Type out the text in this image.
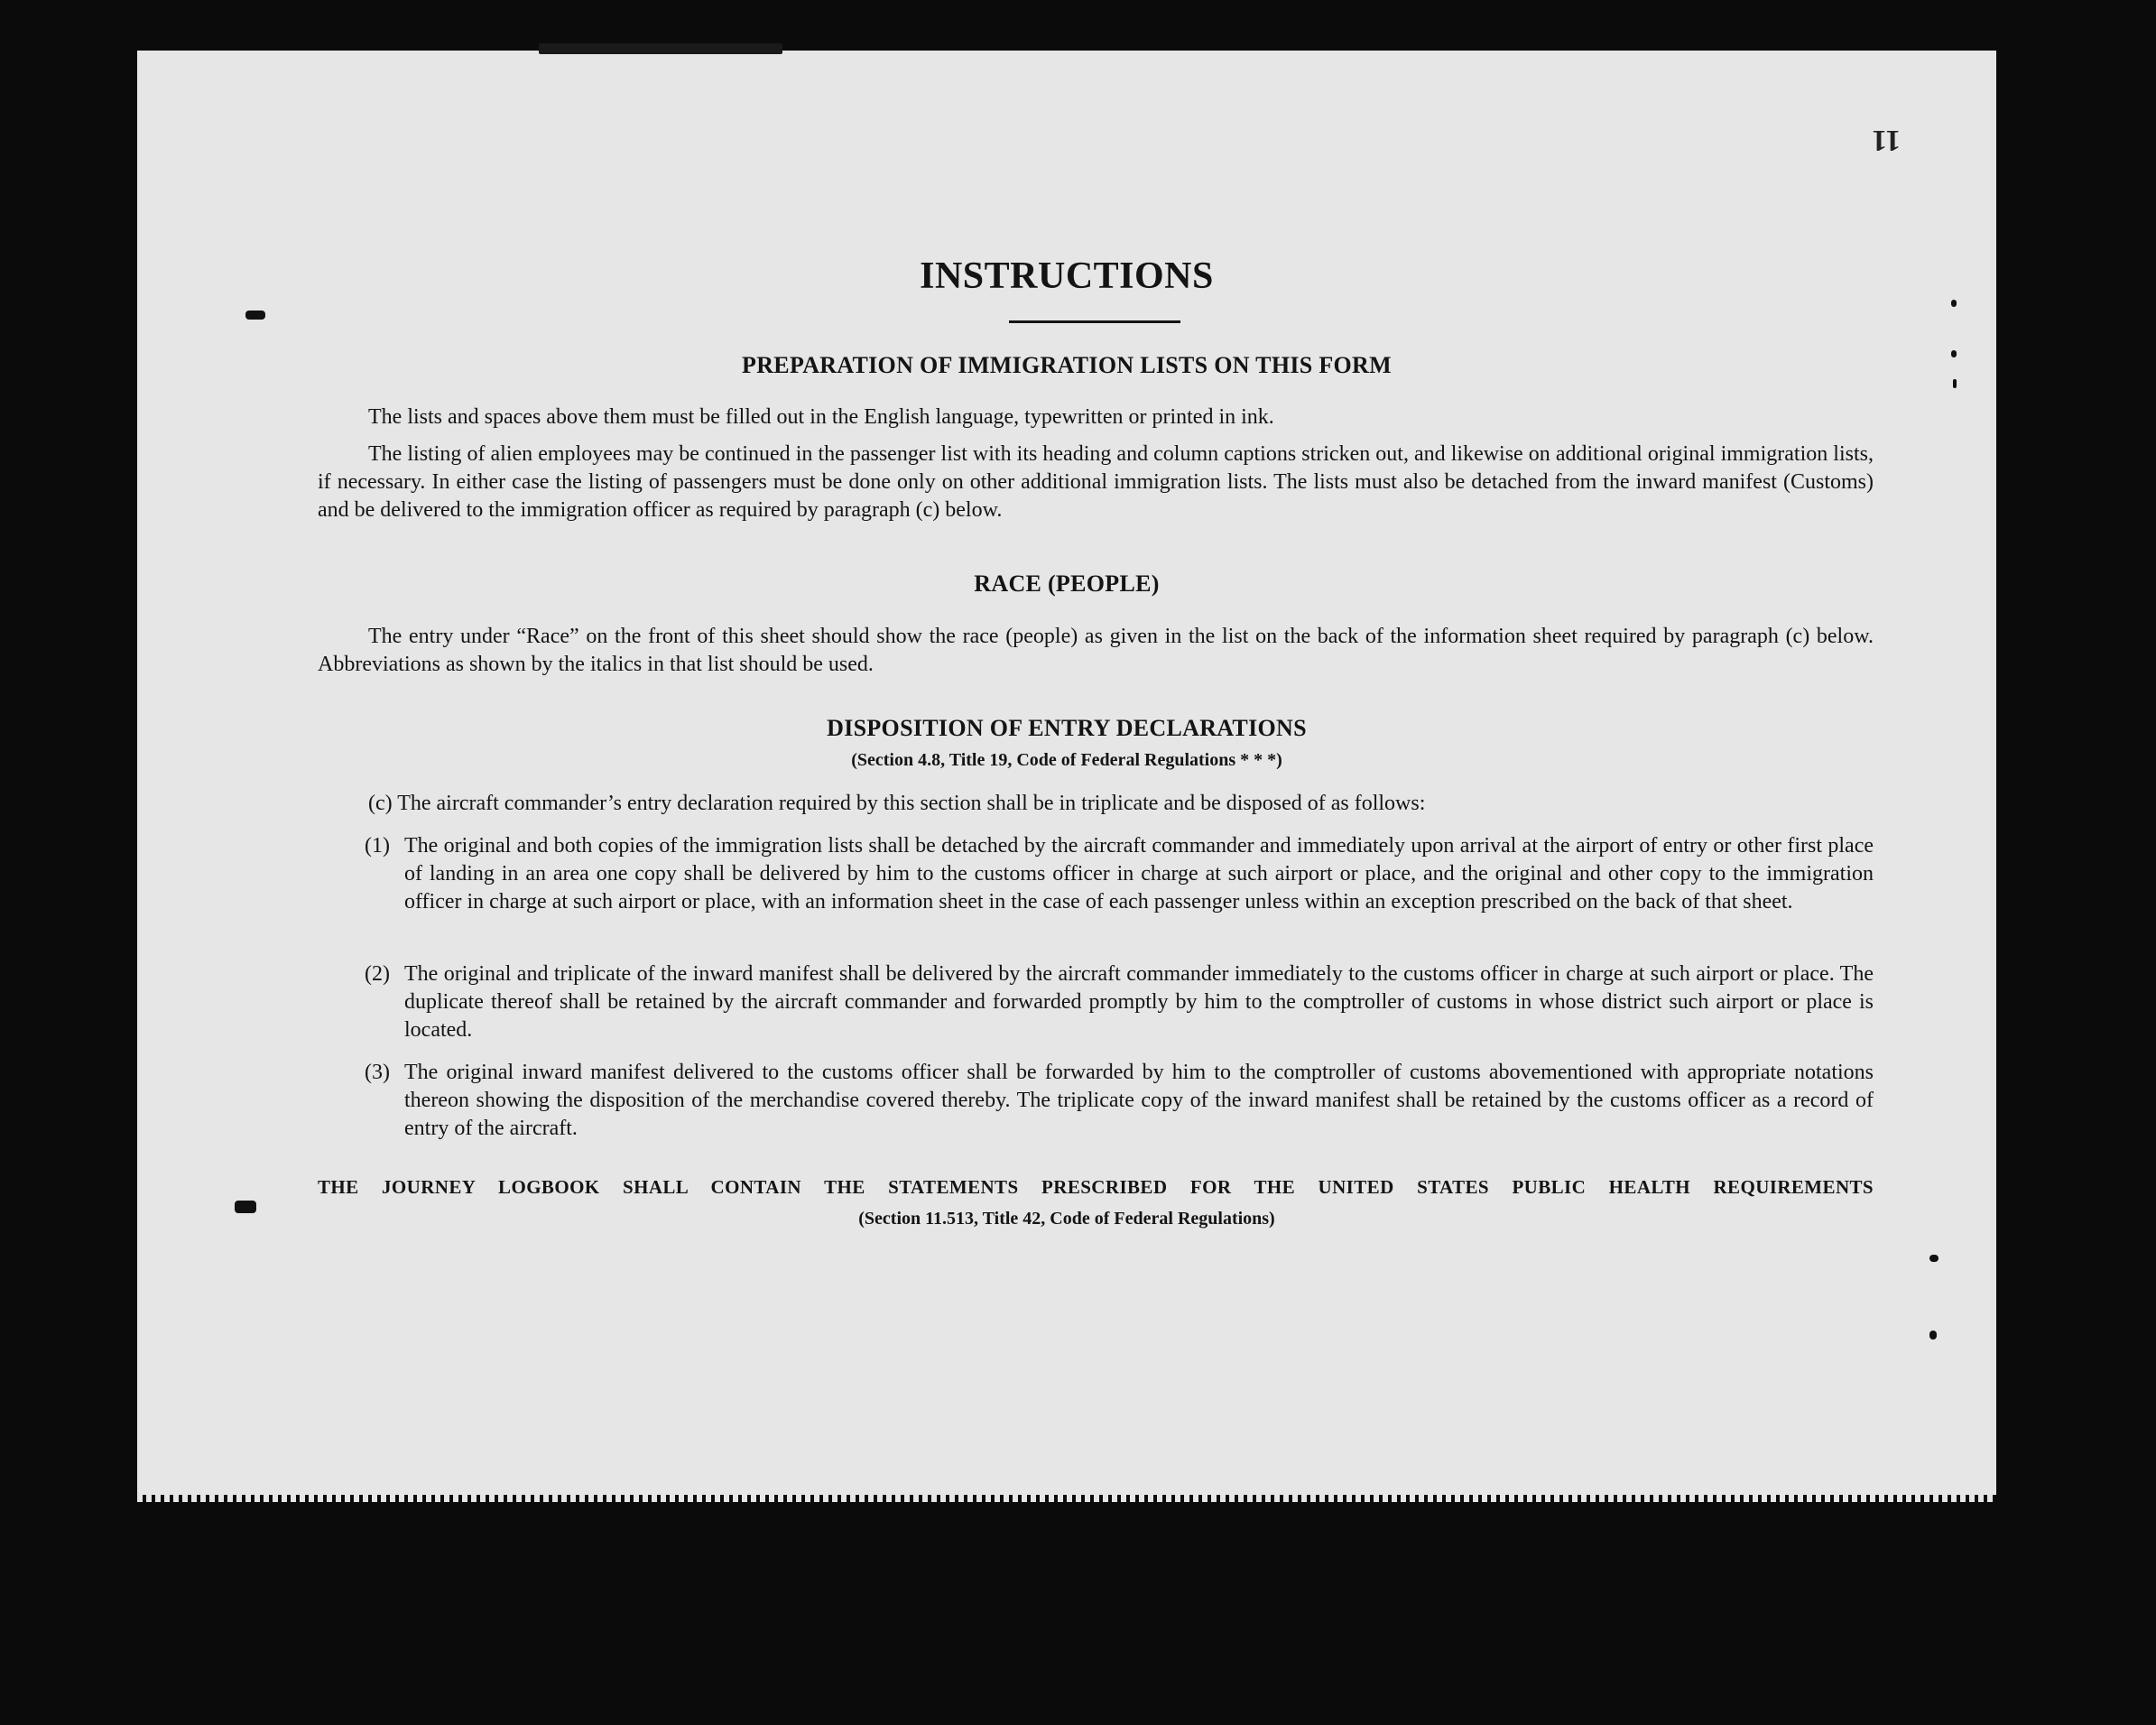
11
INSTRUCTIONS
PREPARATION OF IMMIGRATION LISTS ON THIS FORM
The lists and spaces above them must be filled out in the English language, typewritten or printed in ink.
The listing of alien employees may be continued in the passenger list with its heading and column captions stricken out, and likewise on additional original immigration lists, if necessary. In either case the listing of passengers must be done only on other additional immigration lists. The lists must also be detached from the inward manifest (Customs) and be delivered to the immigration officer as required by paragraph (c) below.
RACE (PEOPLE)
The entry under “Race” on the front of this sheet should show the race (people) as given in the list on the back of the information sheet required by paragraph (c) below. Abbreviations as shown by the italics in that list should be used.
DISPOSITION OF ENTRY DECLARATIONS
(Section 4.8, Title 19, Code of Federal Regulations * * *)
(c) The aircraft commander’s entry declaration required by this section shall be in triplicate and be disposed of as follows:
(1) The original and both copies of the immigration lists shall be detached by the aircraft commander and immediately upon arrival at the airport of entry or other first place of landing in an area one copy shall be delivered by him to the customs officer in charge at such airport or place, and the original and other copy to the immigration officer in charge at such airport or place, with an information sheet in the case of each passenger unless within an exception prescribed on the back of that sheet.
(2) The original and triplicate of the inward manifest shall be delivered by the aircraft commander immediately to the customs officer in charge at such airport or place. The duplicate thereof shall be retained by the aircraft commander and forwarded promptly by him to the comptroller of customs in whose district such airport or place is located.
(3) The original inward manifest delivered to the customs officer shall be forwarded by him to the comptroller of customs abovementioned with appropriate notations thereon showing the disposition of the merchandise covered thereby. The triplicate copy of the inward manifest shall be retained by the customs officer as a record of entry of the aircraft.
THE JOURNEY LOGBOOK SHALL CONTAIN THE STATEMENTS PRESCRIBED FOR THE UNITED STATES PUBLIC HEALTH REQUIREMENTS
(Section 11.513, Title 42, Code of Federal Regulations)
